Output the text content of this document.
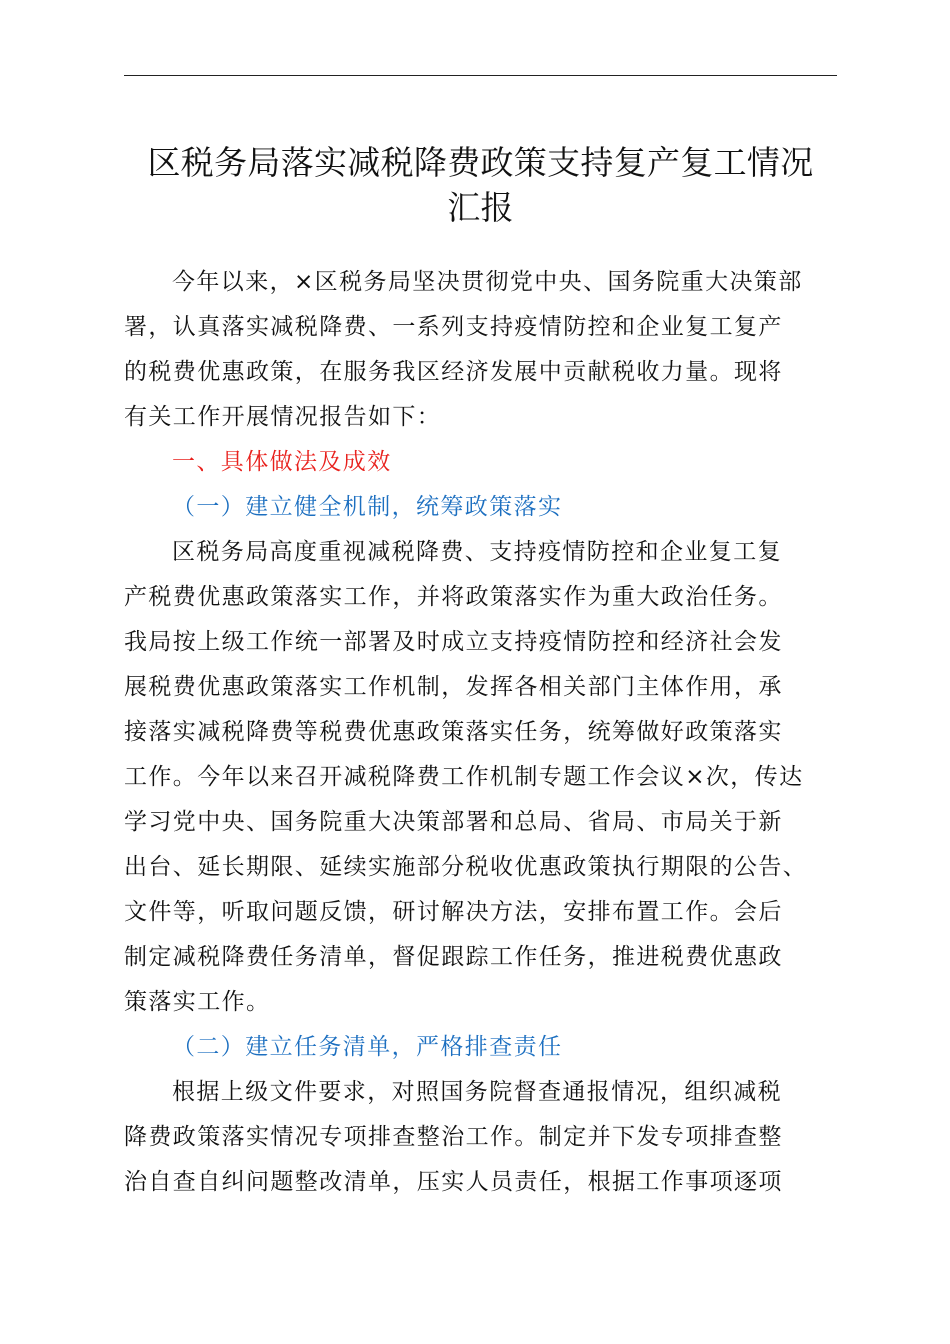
区税务局落实减税降费政策支持复产复工情况
汇报
今年以来，×区税务局坚决贯彻党中央、国务院重大决策部
署，认真落实减税降费、一系列支持疫情防控和企业复工复产
的税费优惠政策，在服务我区经济发展中贡献税收力量。现将
有关工作开展情况报告如下：
一、具体做法及成效
（一）建立健全机制，统筹政策落实
区税务局高度重视减税降费、支持疫情防控和企业复工复
产税费优惠政策落实工作，并将政策落实作为重大政治任务。
我局按上级工作统一部署及时成立支持疫情防控和经济社会发
展税费优惠政策落实工作机制，发挥各相关部门主体作用，承
接落实减税降费等税费优惠政策落实任务，统筹做好政策落实
工作。今年以来召开减税降费工作机制专题工作会议×次，传达
学习党中央、国务院重大决策部署和总局、省局、市局关于新
出台、延长期限、延续实施部分税收优惠政策执行期限的公告、
文件等，听取问题反馈，研讨解决方法，安排布置工作。会后
制定减税降费任务清单，督促跟踪工作任务，推进税费优惠政
策落实工作。
（二）建立任务清单，严格排查责任
根据上级文件要求，对照国务院督查通报情况，组织减税
降费政策落实情况专项排查整治工作。制定并下发专项排查整
治自查自纠问题整改清单，压实人员责任，根据工作事项逐项
